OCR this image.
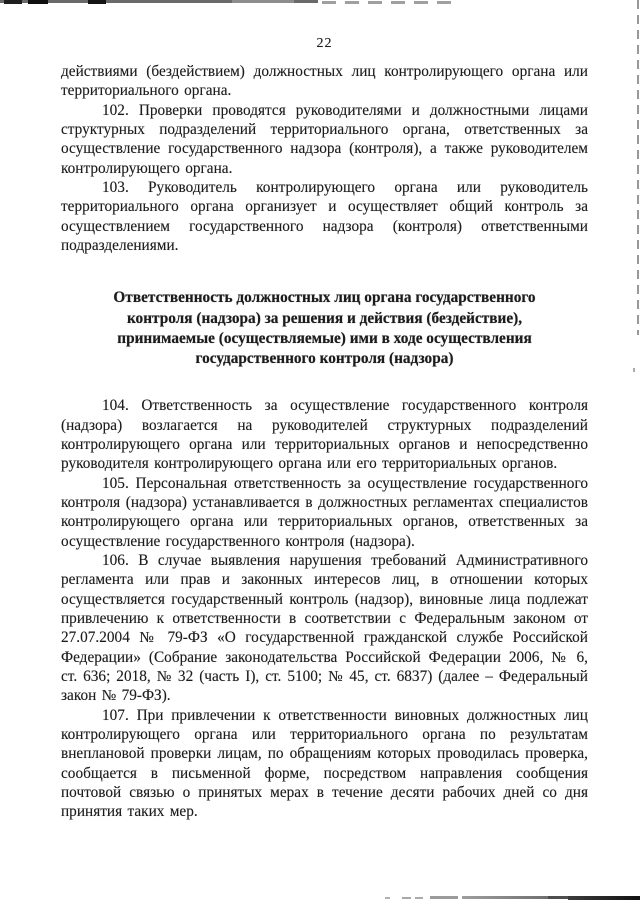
22

действиями (бездействием) должностных лиц контролирующего органа или территориального органа.

102. Проверки проводятся руководителями и должностными лицами структурных подразделений территориального органа, ответственных за осуществление государственного надзора (контроля), а также руководителем контролирующего органа.

103. Руководитель контролирующего органа или руководитель территориального органа организует и осуществляет общий контроль за осуществлением государственного надзора (контроля) ответственными подразделениями.

Ответственность должностных лиц органа государственного контроля (надзора) за решения и действия (бездействие), принимаемые (осуществляемые) ими в ходе осуществления государственного контроля (надзора)

104. Ответственность за осуществление государственного контроля (надзора) возлагается на руководителей структурных подразделений контролирующего органа или территориальных органов и непосредственно руководителя контролирующего органа или его территориальных органов.

105. Персональная ответственность за осуществление государственного контроля (надзора) устанавливается в должностных регламентах специалистов контролирующего органа или территориальных органов, ответственных за осуществление государственного контроля (надзора).

106. В случае выявления нарушения требований Административного регламента или прав и законных интересов лиц, в отношении которых осуществляется государственный контроль (надзор), виновные лица подлежат привлечению к ответственности в соответствии с Федеральным законом от 27.07.2004 № 79-ФЗ «О государственной гражданской службе Российской Федерации» (Собрание законодательства Российской Федерации 2006, № 6, ст. 636; 2018, № 32 (часть I), ст. 5100; № 45, ст. 6837) (далее – Федеральный закон № 79-ФЗ).

107. При привлечении к ответственности виновных должностных лиц контролирующего органа или территориального органа по результатам внеплановой проверки лицам, по обращениям которых проводилась проверка, сообщается в письменной форме, посредством направления сообщения почтовой связью о принятых мерах в течение десяти рабочих дней со дня принятия таких мер.
